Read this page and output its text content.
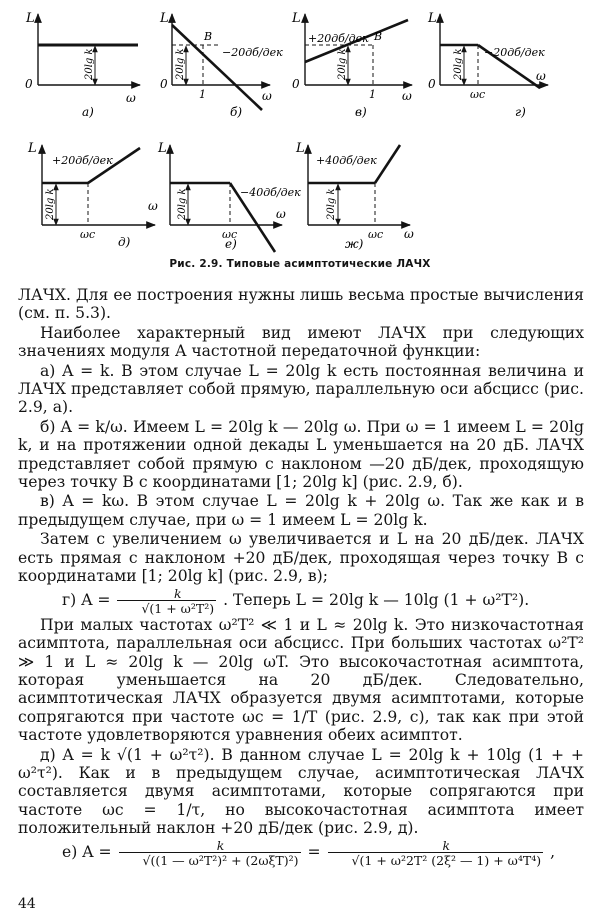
L
0
ω
20lg k
а)
L
0
ω
B
−20дб/дек
1
20lg k
б)
L
0
ω
+20дб/дек B
1
20lg k
в)
L
0
ω
−20дб/дек
ωc
20lg k
г)
L
ω
+20дб/дек
ωc
20lg k
д)
L
ω
−40дб/дек
ωc
20lg k
е)
L
ω
+40дб/дек
ωc
20lg k
ж)
Рис. 2.9. Типовые асимптотические ЛАЧХ

ЛАЧХ. Для ее построения нужны лишь весьма простые вычисления (см. п. 5.3).

Наиболее характерный вид имеют ЛАЧХ при следующих значениях модуля A частотной передаточной функции:

а) A = k. В этом случае L = 20lg k есть постоянная величина и ЛАЧХ представляет собой прямую, параллельную оси абсцисс (рис. 2.9, а).

б) A = k/ω. Имеем L = 20lg k — 20lg ω. При ω = 1 имеем L = 20lg k, и на протяжении одной декады L уменьшается на 20 дБ. ЛАЧХ представляет собой прямую с наклоном —20 дБ/дек, проходящую через точку B с координатами [1; 20lg k] (рис. 2.9, б).

в) A = kω. В этом случае L = 20lg k + 20lg ω. Так же как и в предыдущем случае, при ω = 1 имеем L = 20lg k.

Затем с увеличением ω увеличивается и L на 20 дБ/дек. ЛАЧХ есть прямая с наклоном +20 дБ/дек, проходящая через точку B с координатами [1; 20lg k] (рис. 2.9, в);

г) $A = \frac{k}{\text{√(1 + ω²T²)}}$ . Теперь L = 20lg k — 10lg (1 + ω²T²).

При малых частотах ω²T² ≪ 1 и L ≈ 20lg k. Это низкочастотная асимптота, параллельная оси абсцисс. При больших частотах ω²T² ≫ 1 и L ≈ 20lg k — 20lg ωT. Это высокочастотная асимптота, которая уменьшается на 20 дБ/дек. Следовательно, асимптотическая ЛАЧХ образуется двумя асимптотами, которые сопрягаются при частоте ωc = 1/T (рис. 2.9, с), так как при этой частоте удовлетворяются уравнения обеих асимптот.

д) A = k √(1 + ω²τ²). В данном случае L = 20lg k + 10lg (1 + + ω²τ²). Как и в предыдущем случае, асимптотическая ЛАЧХ составляется двумя асимптотами, которые сопрягаются при частоте ωc = 1/τ, но высокочастотная асимптота имеет положительный наклон +20 дБ/дек (рис. 2.9, д).

е) $A = \frac{k}{\text{√((1 — ω²T²)² + (2ωξT)²)}} = \frac{k}{\text{√(1 + ω²2T² (2ξ² — 1) + ω⁴T⁴)}}$ ,

44
